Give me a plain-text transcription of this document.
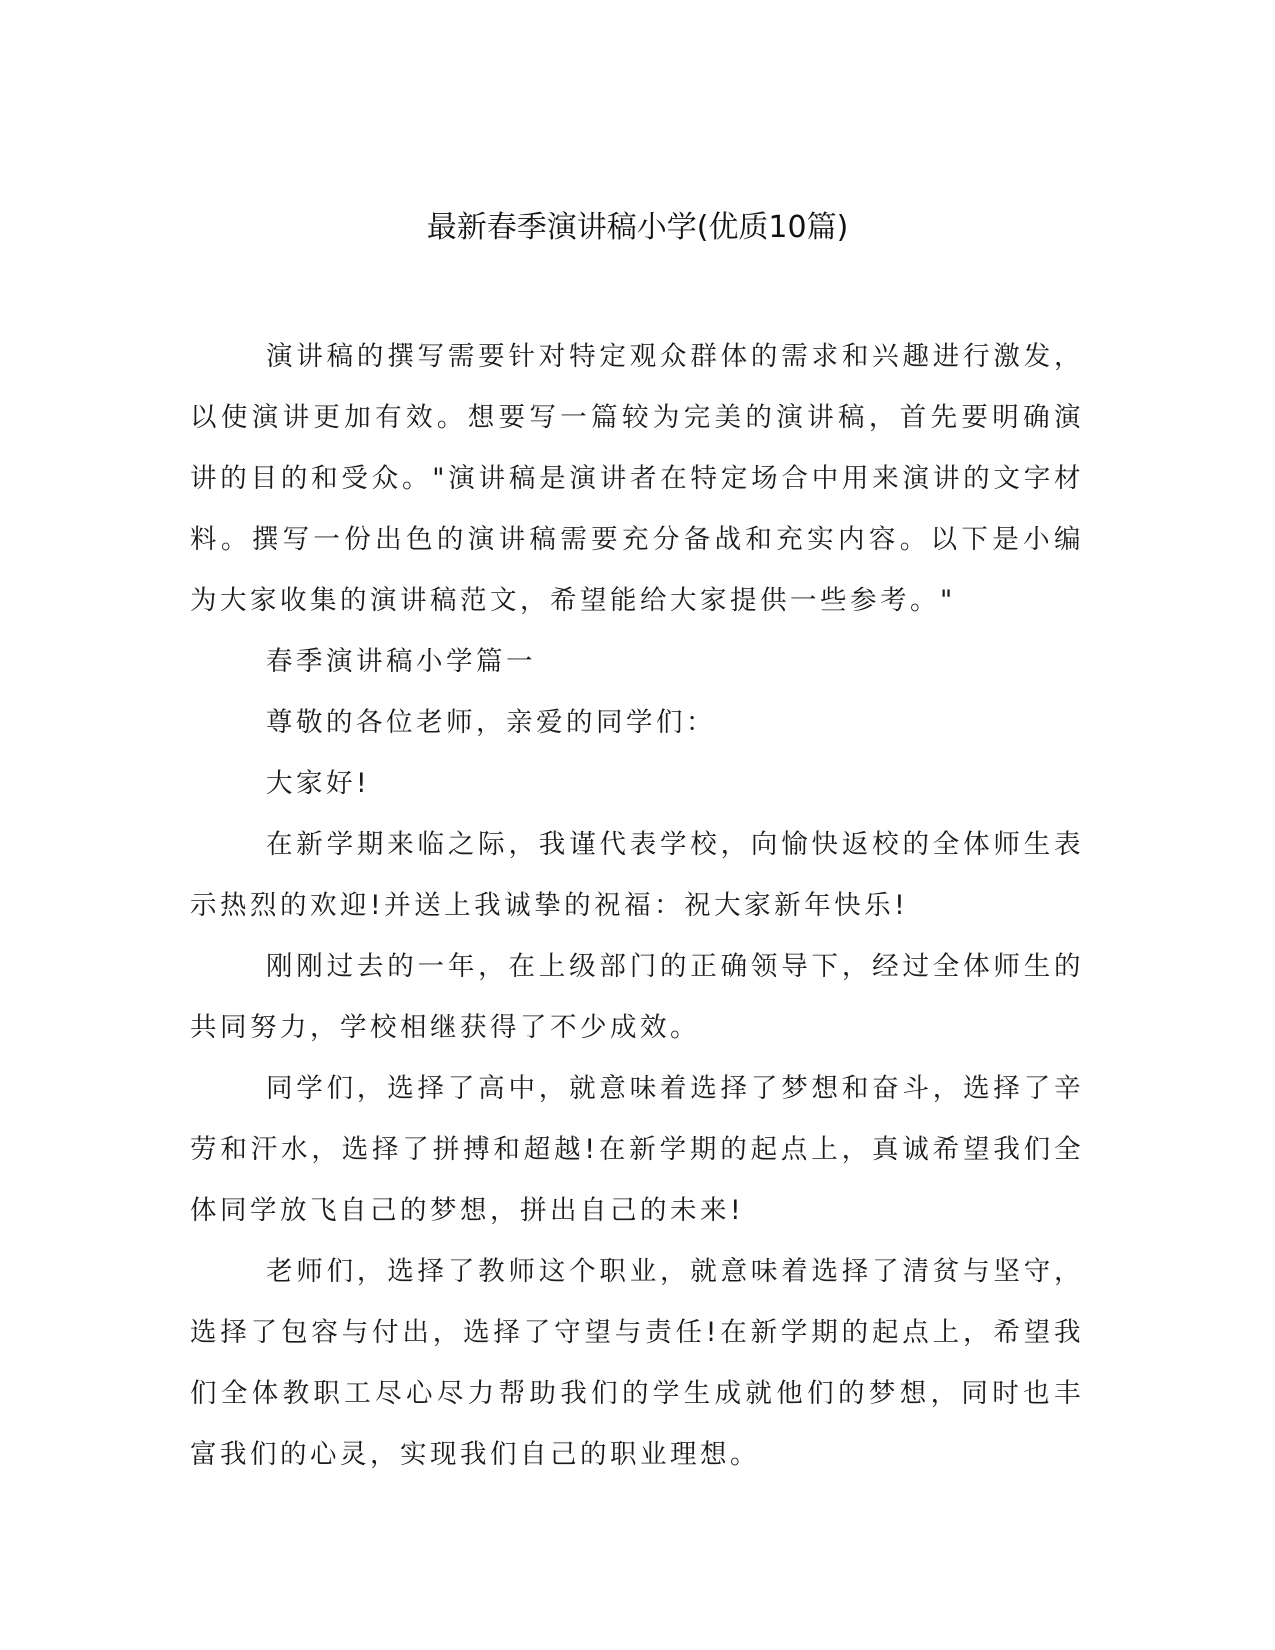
最新春季演讲稿小学(优质10篇)

演讲稿的撰写需要针对特定观众群体的需求和兴趣进行激发，以使演讲更加有效。想要写一篇较为完美的演讲稿，首先要明确演讲的目的和受众。"演讲稿是演讲者在特定场合中用来演讲的文字材料。撰写一份出色的演讲稿需要充分备战和充实内容。以下是小编为大家收集的演讲稿范文，希望能给大家提供一些参考。"

春季演讲稿小学篇一

尊敬的各位老师，亲爱的同学们：

大家好!

在新学期来临之际，我谨代表学校，向愉快返校的全体师生表示热烈的欢迎!并送上我诚挚的祝福：祝大家新年快乐!

刚刚过去的一年，在上级部门的正确领导下，经过全体师生的共同努力，学校相继获得了不少成效。

同学们，选择了高中，就意味着选择了梦想和奋斗，选择了辛劳和汗水，选择了拼搏和超越!在新学期的起点上，真诚希望我们全体同学放飞自己的梦想，拼出自己的未来!

老师们，选择了教师这个职业，就意味着选择了清贫与坚守，选择了包容与付出，选择了守望与责任!在新学期的起点上，希望我们全体教职工尽心尽力帮助我们的学生成就他们的梦想，同时也丰富我们的心灵，实现我们自己的职业理想。
